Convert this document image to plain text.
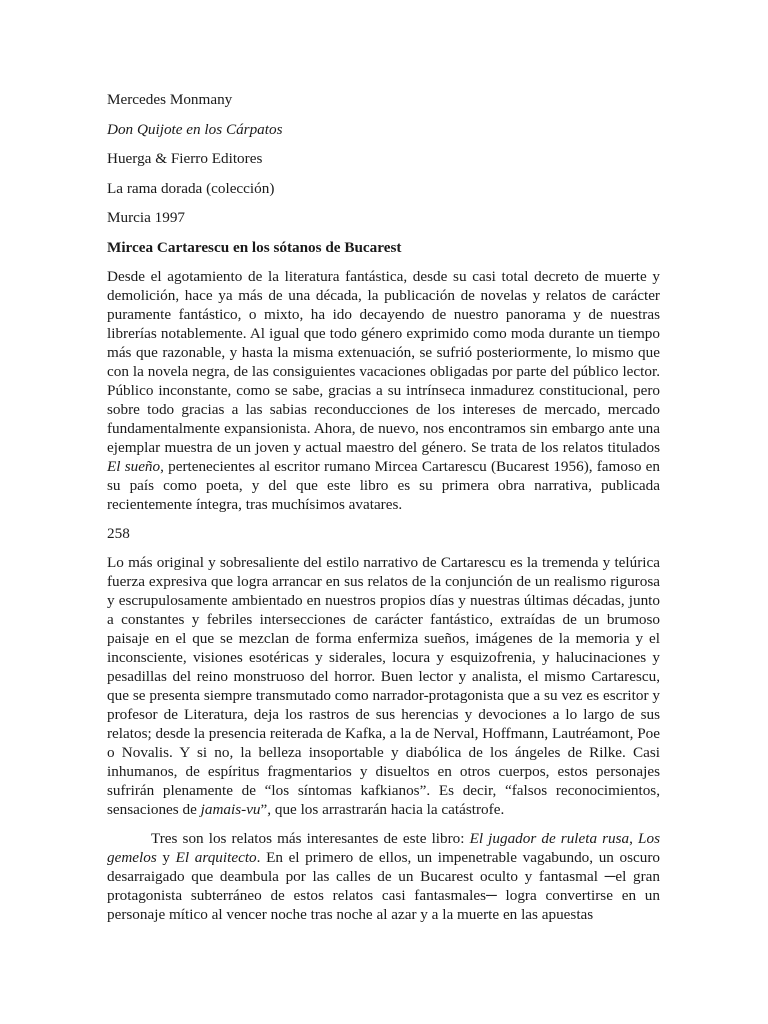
Mercedes Monmany

Don Quijote en los Cárpatos

Huerga & Fierro Editores

La rama dorada (colección)

Murcia 1997

Mircea Cartarescu en los sótanos de Bucarest

Desde el agotamiento de la literatura fantástica, desde su casi total decreto de muerte y demolición, hace ya más de una década, la publicación de novelas y relatos de carácter puramente fantástico, o mixto, ha ido decayendo de nuestro panorama y de nuestras librerías notablemente. Al igual que todo género exprimido como moda durante un tiempo más que razonable, y hasta la misma extenuación, se sufrió posteriormente, lo mismo que con la novela negra, de las consiguientes vacaciones obligadas por parte del público lector. Público inconstante, como se sabe, gracias a su intrínseca inmadurez constitucional, pero sobre todo gracias a las sabias reconducciones de los intereses de mercado, mercado fundamentalmente expansionista. Ahora, de nuevo, nos encontramos sin embargo ante una ejemplar muestra de un joven y actual maestro del género. Se trata de los relatos titulados El sueño, pertenecientes al escritor rumano Mircea Cartarescu (Bucarest 1956), famoso en su país como poeta, y del que este libro es su primera obra narrativa, publicada recientemente íntegra, tras muchísimos avatares.

258

Lo más original y sobresaliente del estilo narrativo de Cartarescu es la tremenda y telúrica fuerza expresiva que logra arrancar en sus relatos de la conjunción de un realismo rigurosa y escrupulosamente ambientado en nuestros propios días y nuestras últimas décadas, junto a constantes y febriles intersecciones de carácter fantástico, extraídas de un brumoso paisaje en el que se mezclan de forma enfermiza sueños, imágenes de la memoria y el inconsciente, visiones esotéricas y siderales, locura y esquizofrenia, y halucinaciones y pesadillas del reino monstruoso del horror. Buen lector y analista, el mismo Cartarescu, que se presenta siempre transmutado como narrador-protagonista que a su vez es escritor y profesor de Literatura, deja los rastros de sus herencias y devociones a lo largo de sus relatos; desde la presencia reiterada de Kafka, a la de Nerval, Hoffmann, Lautréamont, Poe o Novalis. Y si no, la belleza insoportable y diabólica de los ángeles de Rilke. Casi inhumanos, de espíritus fragmentarios y disueltos en otros cuerpos, estos personajes sufrirán plenamente de “los síntomas kafkianos”. Es decir, “falsos reconocimientos, sensaciones de jamais-vu”, que los arrastrarán hacia la catástrofe.

Tres son los relatos más interesantes de este libro: El jugador de ruleta rusa, Los gemelos y El arquitecto. En el primero de ellos, un impenetrable vagabundo, un oscuro desarraigado que deambula por las calles de un Bucarest oculto y fantasmal ─el gran protagonista subterráneo de estos relatos casi fantasmales─ logra convertirse en un personaje mítico al vencer noche tras noche al azar y a la muerte en las apuestas
